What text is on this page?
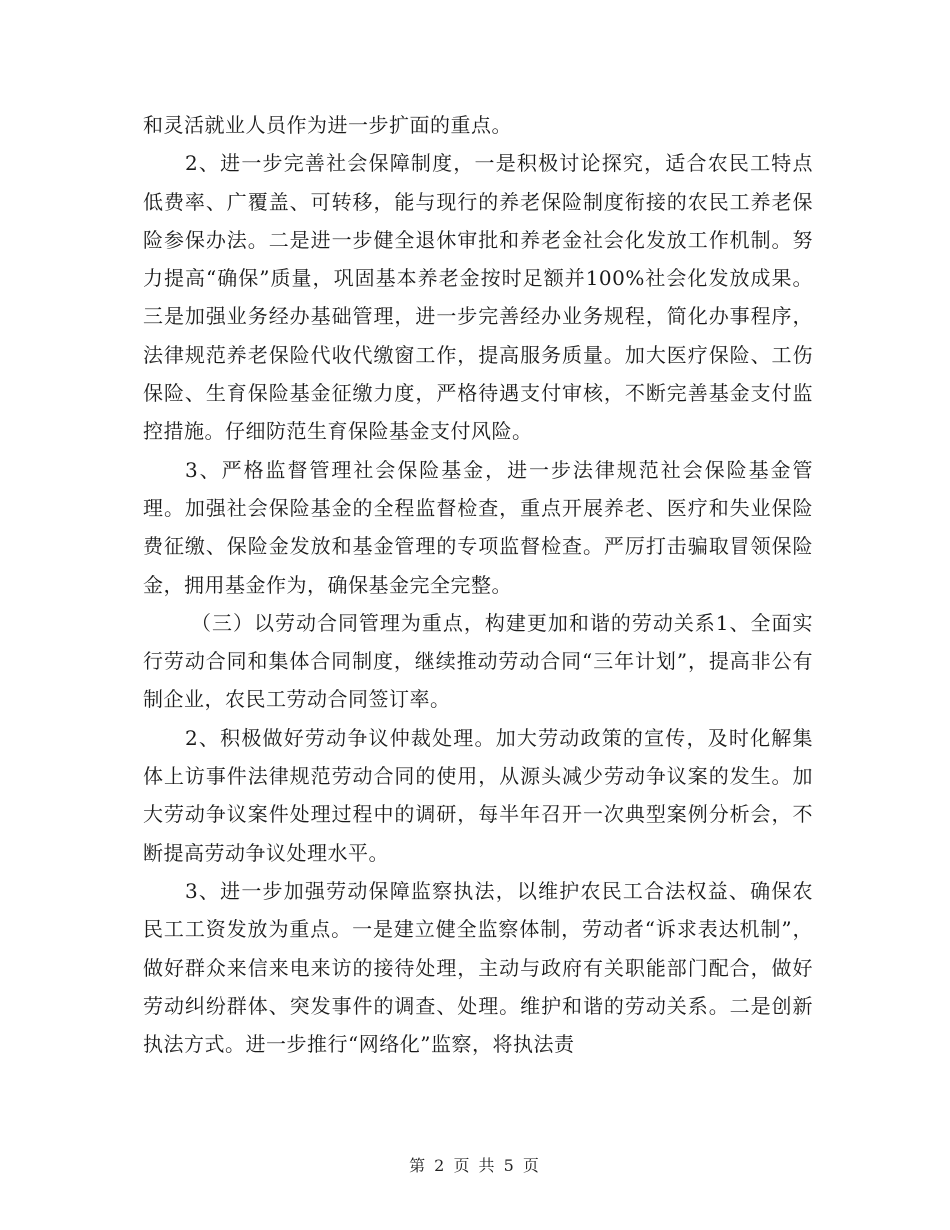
和灵活就业人员作为进一步扩面的重点。

2、进一步完善社会保障制度，一是积极讨论探究，适合农民工特点低费率、广覆盖、可转移，能与现行的养老保险制度衔接的农民工养老保险参保办法。二是进一步健全退休审批和养老金社会化发放工作机制。努力提高“确保”质量，巩固基本养老金按时足额并100%社会化发放成果。三是加强业务经办基础管理，进一步完善经办业务规程，简化办事程序，法律规范养老保险代收代缴窗工作，提高服务质量。加大医疗保险、工伤保险、生育保险基金征缴力度，严格待遇支付审核，不断完善基金支付监控措施。仔细防范生育保险基金支付风险。

3、严格监督管理社会保险基金，进一步法律规范社会保险基金管理。加强社会保险基金的全程监督检查，重点开展养老、医疗和失业保险费征缴、保险金发放和基金管理的专项监督检查。严厉打击骗取冒领保险金，拥用基金作为，确保基金完全完整。

（三）以劳动合同管理为重点，构建更加和谐的劳动关系1、全面实行劳动合同和集体合同制度，继续推动劳动合同“三年计划”，提高非公有制企业，农民工劳动合同签订率。

2、积极做好劳动争议仲裁处理。加大劳动政策的宣传，及时化解集体上访事件法律规范劳动合同的使用，从源头减少劳动争议案的发生。加大劳动争议案件处理过程中的调研，每半年召开一次典型案例分析会，不断提高劳动争议处理水平。

3、进一步加强劳动保障监察执法，以维护农民工合法权益、确保农民工工资发放为重点。一是建立健全监察体制，劳动者“诉求表达机制”，做好群众来信来电来访的接待处理，主动与政府有关职能部门配合，做好劳动纠纷群体、突发事件的调查、处理。维护和谐的劳动关系。二是创新执法方式。进一步推行“网络化”监察，将执法责

第 2 页 共 5 页
